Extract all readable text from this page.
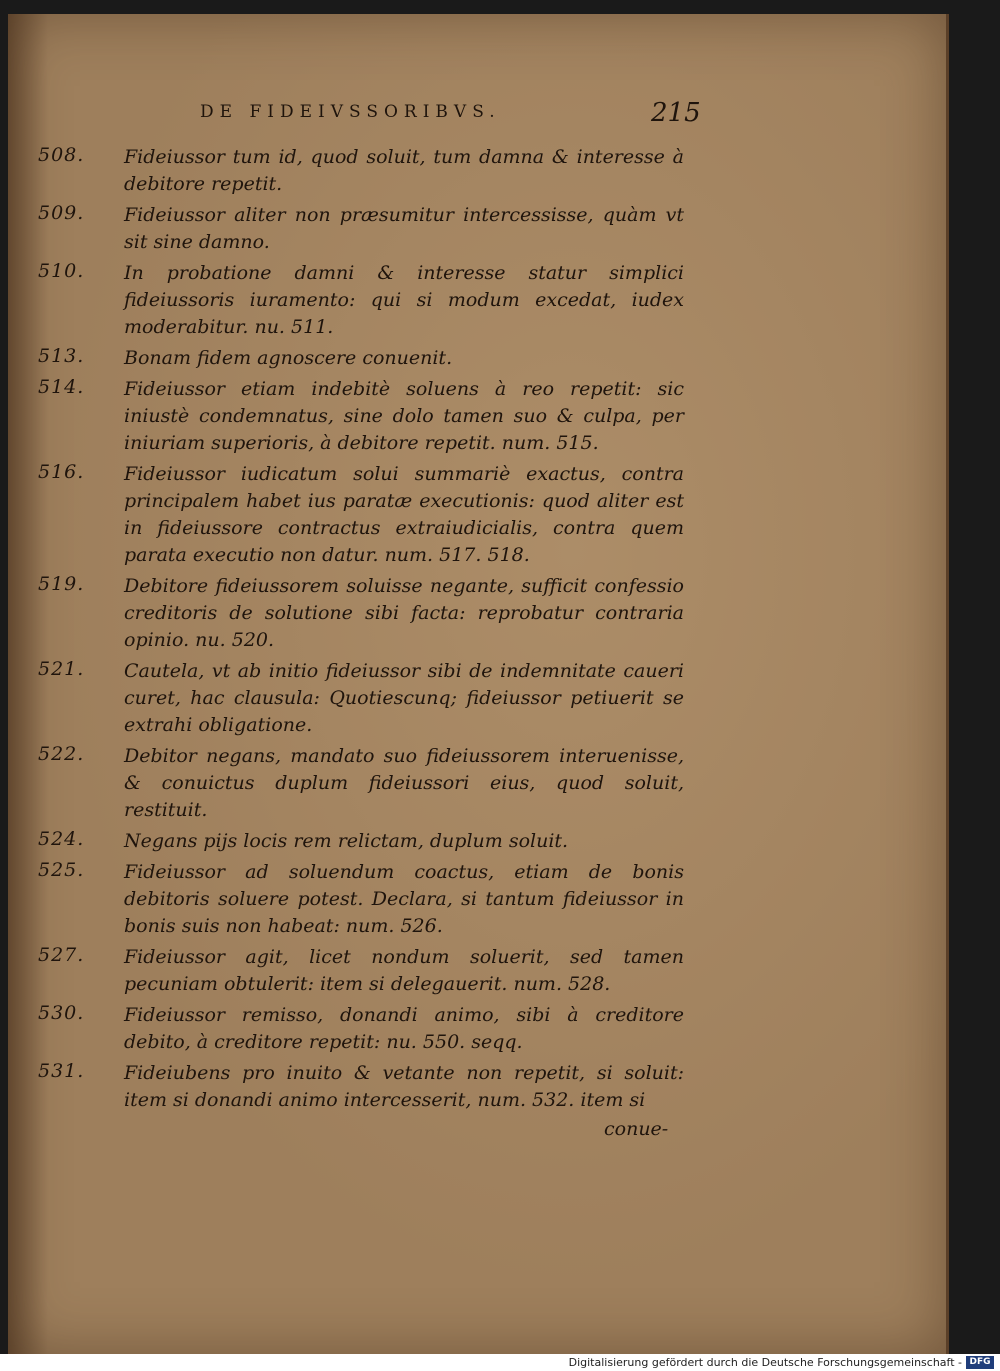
DE FIDEIVSSORIBVS.	215
508.	Fideiussor tum id, quod soluit, tum damna & interesse à debitore repetit.
509.	Fideiussor aliter non præsumitur intercessisse, quàm vt sit sine damno.
510.	In probatione damni & interesse statur simplici fideiussoris iuramento: qui si modum excedat, iudex moderabitur. nu. 511.
513.	Bonam fidem agnoscere conuenit.
514.	Fideiussor etiam indebitè soluens à reo repetit: sic iniustè condemnatus, sine dolo tamen suo & culpa, per iniuriam superioris, à debitore repetit. num. 515.
516.	Fideiussor iudicatum solui summariè exactus, contra principalem habet ius paratæ executionis: quod aliter est in fideiussore contractus extraiudicialis, contra quem parata executio non datur. num. 517. 518.
519.	Debitore fideiussorem soluisse negante, sufficit confessio creditoris de solutione sibi facta: reprobatur contraria opinio. nu. 520.
521.	Cautela, vt ab initio fideiussor sibi de indemnitate caueri curet, hac clausula: Quotiescunq; fideiussor petiuerit se extrahi obligatione.
522.	Debitor negans, mandato suo fideiussorem interuenisse, & conuictus duplum fideiussori eius, quod soluit, restituit.
524.	Negans pijs locis rem relictam, duplum soluit.
525.	Fideiussor ad soluendum coactus, etiam de bonis debitoris soluere potest. Declara, si tantum fideiussor in bonis suis non habeat: num. 526.
527.	Fideiussor agit, licet nondum soluerit, sed tamen pecuniam obtulerit: item si delegauerit. num. 528.
530.	Fideiussor remisso, donandi animo, sibi à creditore debito, à creditore repetit: nu. 550. seqq.
531.	Fideiubens pro inuito & vetante non repetit, si soluit: item si donandi animo intercesserit, num. 532. item si
conue-
Digitalisierung gefördert durch die Deutsche Forschungsgemeinschaft - DFG
